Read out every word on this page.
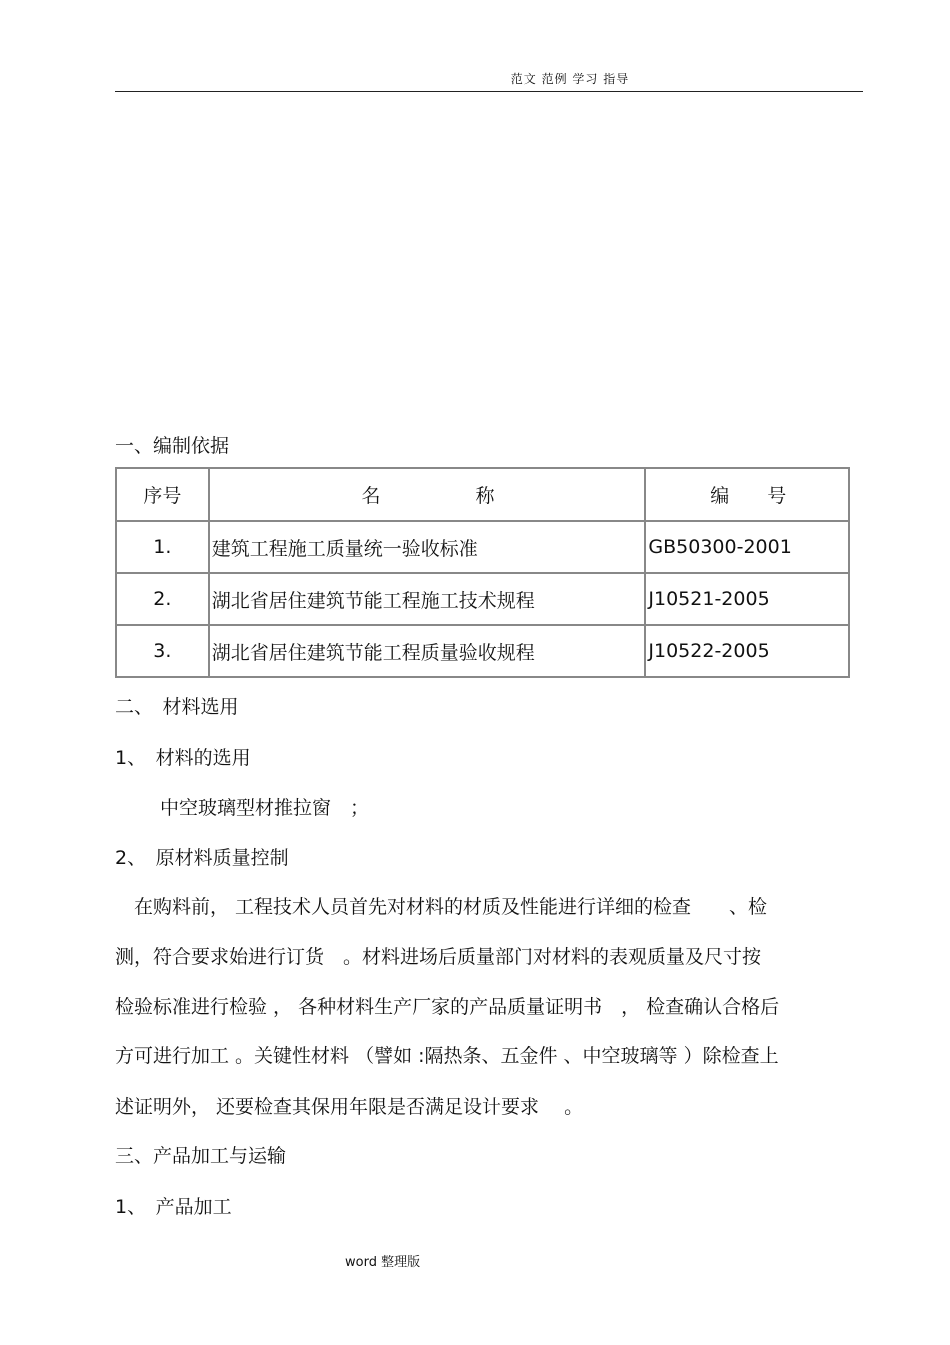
范文 范例 学习 指导
一、编制依据
序号	名　　　　　称	编　　号
1.	建筑工程施工质量统一验收标准	GB50300-2001
2.	湖北省居住建筑节能工程施工技术规程	J10521-2005
3.	湖北省居住建筑节能工程质量验收规程	J10522-2005
二、　材料选用
1、　材料的选用
中空玻璃型材推拉窗　；
2、　原材料质量控制
　在购料前， 工程技术人员首先对材料的材质及性能进行详细的检查　　、检
测，符合要求始进行订货　。材料进场后质量部门对材料的表观质量及尺寸按
检验标准进行检验 ， 各种材料生产厂家的产品质量证明书　， 检查确认合格后
方可进行加工 。关键性材料 （譬如 :隔热条、五金件 、中空玻璃等 ）除检查上
述证明外， 还要检查其保用年限是否满足设计要求　 。
三、产品加工与运输
1、　产品加工
word 整理版
